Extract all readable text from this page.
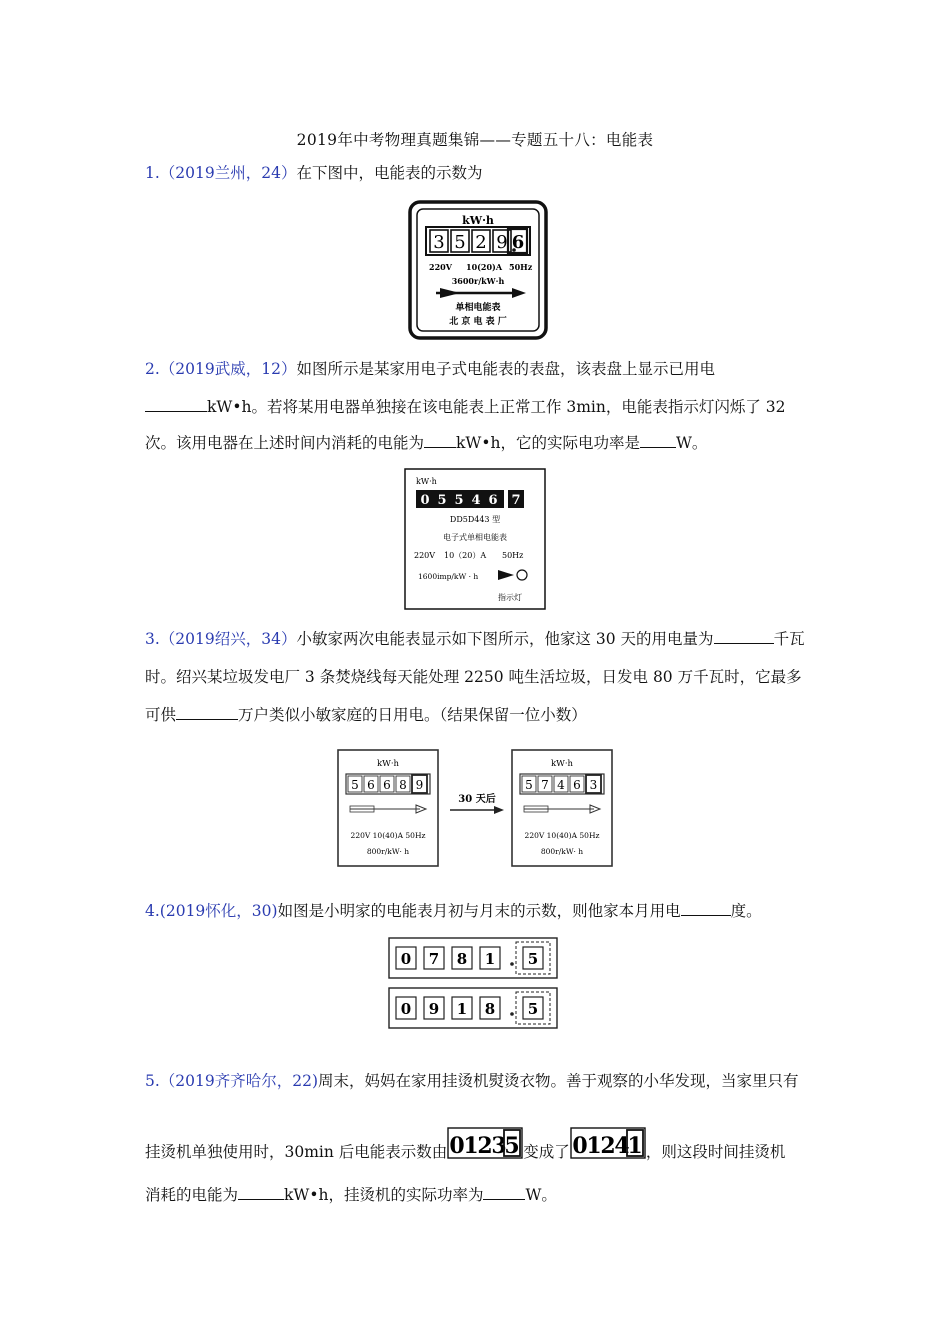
2019年中考物理真题集锦——专题五十八：电能表
1.（2019兰州，24）在下图中，电能表的示数为
kW·h
3 5 2 9 6
220V 10(20)A 50Hz
3600r/kW·h
单相电能表
北 京 电 表 厂
2.（2019武威，12）如图所示是某家用电子式电能表的表盘，该表盘上显示已用电
kW•h。若将某用电器单独接在该电能表上正常工作 3min，电能表指示灯闪烁了 32
次。该用电器在上述时间内消耗的电能为 kW•h，它的实际电功率是 W。
kW·h
0 5 5 4 6 7
DD5D443 型
电子式单相电能表
220V 10（20）A 50Hz
1600imp/kW · h
指示灯
3.（2019绍兴，34）小敏家两次电能表显示如下图所示，他家这 30 天的用电量为	千瓦
时。绍兴某垃圾发电厂 3 条焚烧线每天能处理 2250 吨生活垃圾，日发电 80 万千瓦时，它最多
可供	万户类似小敏家庭的日用电。（结果保留一位小数）
kW·h
5 6 6 8 9
220V 10(40)A 50Hz
800r/kW· h
30 天后
kW·h
5 7 4 6 3
220V 10(40)A 50Hz
800r/kW· h
4.(2019怀化，30)如图是小明家的电能表月初与月末的示数，则他家本月用电	度。
0 7 8 1 5
0 9 1 8 5
5.（2019齐齐哈尔，22)周末，妈妈在家用挂烫机熨烫衣物。善于观察的小华发现，当家里只有
挂烫机单独使用时，30min 后电能表示数由 0
1
2
3
5 变成了 0
1
2
4
1 ，则这段时间挂烫机
消耗的电能为	kW•h，挂烫机的实际功率为	W。
